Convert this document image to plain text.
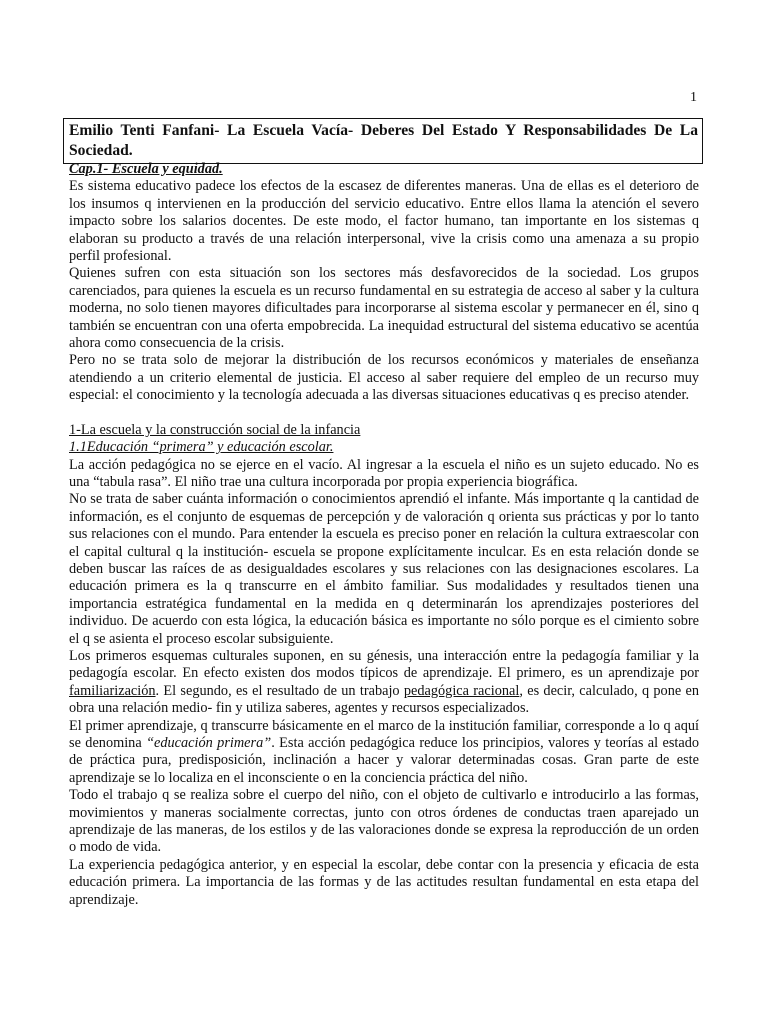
1
Emilio Tenti Fanfani- La Escuela Vacía- Deberes Del Estado Y Responsabilidades De La Sociedad.

Cap.1- Escuela y equidad.

Es sistema educativo padece los efectos de la escasez de diferentes maneras. Una de ellas es el deterioro de los insumos q intervienen en la producción del servicio educativo. Entre ellos llama la atención el severo impacto sobre los salarios docentes. De este modo, el factor humano, tan importante en los sistemas q elaboran su producto a través de una relación interpersonal, vive la crisis como una amenaza a su propio perfil profesional.

Quienes sufren con esta situación son los sectores más desfavorecidos de la sociedad. Los grupos carenciados, para quienes la escuela es un recurso fundamental en su estrategia de acceso al saber y la cultura moderna, no solo tienen mayores dificultades para incorporarse al sistema escolar y permanecer en él, sino q también se encuentran con una oferta empobrecida. La inequidad estructural del sistema educativo se acentúa ahora como consecuencia de la crisis.

Pero no se trata solo de mejorar la distribución de los recursos económicos y materiales de enseñanza atendiendo a un criterio elemental de justicia. El acceso al saber requiere del empleo de un recurso muy especial: el conocimiento y la tecnología adecuada a las diversas situaciones educativas q es preciso atender.

1-La escuela y la construcción social de la infancia

1.1Educación “primera” y educación escolar.

La acción pedagógica no se ejerce en el vacío. Al ingresar a la escuela el niño es un sujeto educado. No es una “tabula rasa”. El niño trae una cultura incorporada por propia experiencia biográfica.

No se trata de saber cuánta información o conocimientos aprendió el infante. Más importante q la cantidad de información, es el conjunto de esquemas de percepción y de valoración q orienta sus prácticas y por lo tanto sus relaciones con el mundo. Para entender la escuela es preciso poner en relación la cultura extraescolar con el capital cultural q la institución- escuela se propone explícitamente inculcar. Es en esta relación donde se deben buscar las raíces de as desigualdades escolares y sus relaciones con las designaciones escolares. La educación primera es la q transcurre en el ámbito familiar. Sus modalidades y resultados tienen una importancia estratégica fundamental en la medida en q determinarán los aprendizajes posteriores del individuo. De acuerdo con esta lógica, la educación básica es importante no sólo porque es el cimiento sobre el q se asienta el proceso escolar subsiguiente.

Los primeros esquemas culturales suponen, en su génesis, una interacción entre la pedagogía familiar y la pedagogía escolar. En efecto existen dos modos típicos de aprendizaje. El primero, es un aprendizaje por familiarización. El segundo, es el resultado de un trabajo pedagógica racional, es decir, calculado, q pone en obra una relación medio- fin y utiliza saberes, agentes y recursos especializados.

El primer aprendizaje, q transcurre básicamente en el marco de la institución familiar, corresponde a lo q aquí se denomina “educación primera”. Esta acción pedagógica reduce los principios, valores y teorías al estado de práctica pura, predisposición, inclinación a hacer y valorar determinadas cosas. Gran parte de este aprendizaje se lo localiza en el inconsciente o en la conciencia práctica del niño.

Todo el trabajo q se realiza sobre el cuerpo del niño, con el objeto de cultivarlo e introducirlo a las formas, movimientos y maneras socialmente correctas, junto con otros órdenes de conductas traen aparejado un aprendizaje de las maneras, de los estilos y de las valoraciones donde se expresa la reproducción de un orden o modo de vida.

La experiencia pedagógica anterior, y en especial la escolar, debe contar con la presencia y eficacia de esta educación primera. La importancia de las formas y de las actitudes resultan fundamental en esta etapa del aprendizaje.
